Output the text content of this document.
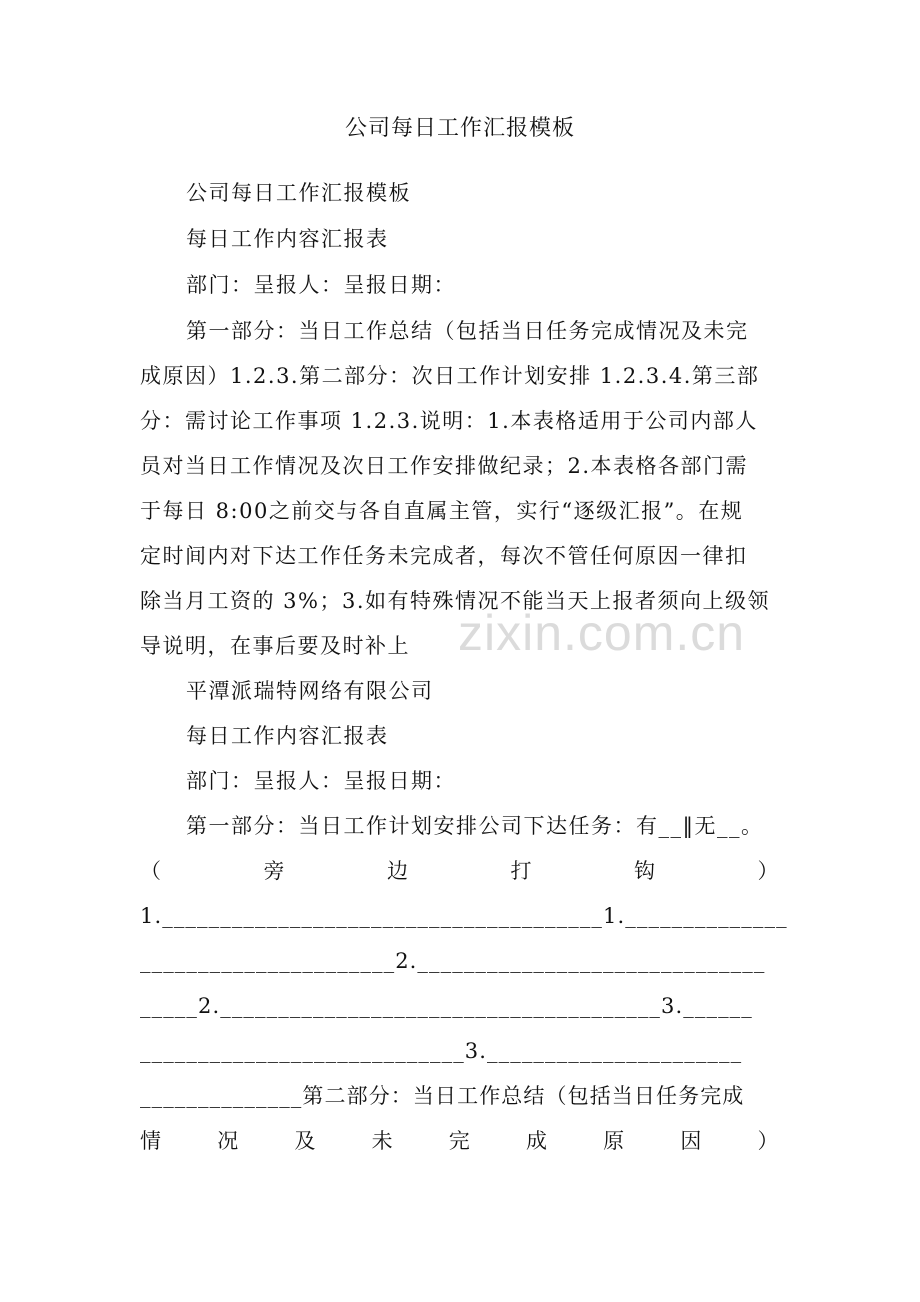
公司每日工作汇报模板
公司每日工作汇报模板
每日工作内容汇报表
部门：呈报人：呈报日期：
第一部分：当日工作总结（包括当日任务完成情况及未完
成原因）1.2.3.第二部分：次日工作计划安排 1.2.3.4.第三部
分：需讨论工作事项 1.2.3.说明：1.本表格适用于公司内部人
员对当日工作情况及次日工作安排做纪录；2.本表格各部门需
于每日 8:00之前交与各自直属主管，实行“逐级汇报”。在规
定时间内对下达工作任务未完成者，每次不管任何原因一律扣
除当月工资的 3%；3.如有特殊情况不能当天上报者须向上级领
导说明，在事后要及时补上
平潭派瑞特网络有限公司
每日工作内容汇报表
部门：呈报人：呈报日期：
第一部分：当日工作计划安排公司下达任务：有__‖无__。
（	旁	边	打	钩	）
1.______________________________________1.______________
______________________2.______________________________
_____2.______________________________________3.______
____________________________3.______________________
______________第二部分：当日工作总结（包括当日任务完成
情	况	及	未	完	成	原	因	）
zixin.com.cn
